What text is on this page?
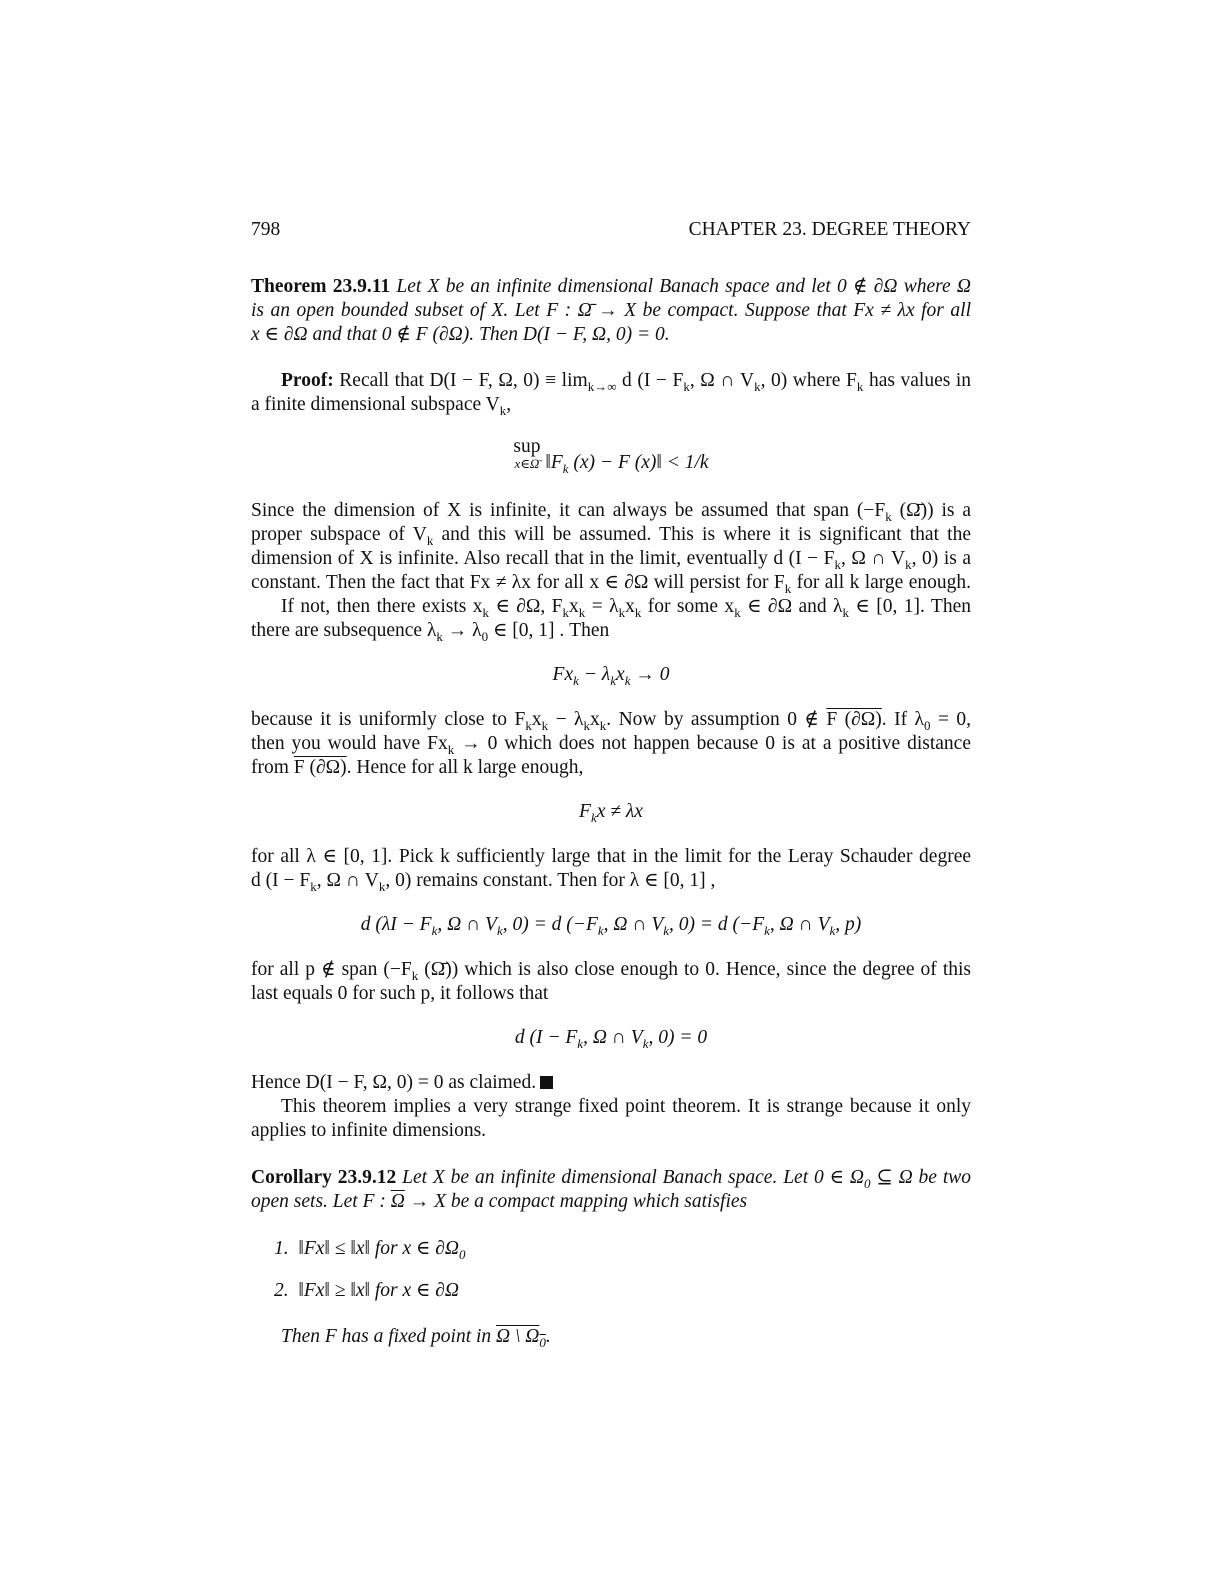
798	CHAPTER 23. DEGREE THEORY
Theorem 23.9.11 Let X be an infinite dimensional Banach space and let 0 ∉ ∂Ω where Ω
is an open bounded subset of X. Let F : Ω̄ → X be compact. Suppose that Fx ≠ λx for all
x ∈ ∂Ω and that 0 ∉ F (∂Ω). Then D(I − F, Ω, 0) = 0.
Proof: Recall that D(I − F, Ω, $0) \equiv \lim_{k\to\infty} d$ ($I - F_k$, Ω ∩ $V_k$, 0) where $F_k$ has values in
a finite dimensional subspace $V_k$,
sup
x∈Ω̄ $‖F_k$ (x) − F (x)‖ < 1/k
Since the dimension of X is infinite, it can always be assumed that span ($-F_k$ (Ω̄)) is a
proper subspace of $V_k$ and this will be assumed. This is where it is significant that the
dimension of X is infinite. Also recall that in the limit, eventually d ($I - F_k$, Ω ∩ $V_k$, 0) is a
constant. Then the fact that Fx ≠ λx for all x ∈ ∂Ω will persist for $F_k$ for all k large enough.
If not, then there exists $x_k$ ∈ ∂Ω, $F_kx_k = \lambda_kx_k$ for some $x_k$ ∈ ∂Ω and $\lambda_k$ ∈ [0, 1]. Then
there are subsequence $\lambda_k \to \lambda_0$ ∈ [0, 1] . Then
$Fx_k - \lambda_kx_k \to 0$
because it is uniformly close to $F_kx_k - \lambda_kx_k$. Now by assumption 0 ∉ F (∂Ω). If $\lambda_0 = 0$,
then you would have $Fx_k \to 0$ which does not happen because 0 is at a positive distance
from F (∂Ω). Hence for all k large enough,
$F_kx \ne \lambda x$
for all λ ∈ [0, 1]. Pick k sufficiently large that in the limit for the Leray Schauder degree
d ($I - F_k$, Ω ∩ $V_k$, 0) remains constant. Then for λ ∈ [0, 1] ,
d ($\lambda I - F_k$, Ω ∩ $V_k$, 0) = d ($-F_k$, Ω ∩ $V_k$, 0) = d ($-F_k$, Ω ∩ $V_k$, p)
for all p ∉ span ($-F_k$ (Ω̄)) which is also close enough to 0. Hence, since the degree of this
last equals 0 for such p, it follows that
d ($I - F_k$, Ω ∩ $V_k$, 0) = 0
Hence D(I − F, Ω, 0) = 0 as claimed.
This theorem implies a very strange fixed point theorem. It is strange because it only
applies to infinite dimensions.
Corollary 23.9.12 Let X be an infinite dimensional Banach space. Let 0 ∈ $\Omega_0$ ⊆ Ω be two
open sets. Let F : $\overline{\Omega} \to X$ be a compact mapping which satisfies
1. ‖Fx‖ ≤ ‖x‖ for x ∈ $\partial\Omega_0$
2. ‖Fx‖ ≥ ‖x‖ for x ∈ ∂Ω
Then F has a fixed point in Ω \ $\Omega_0$.
